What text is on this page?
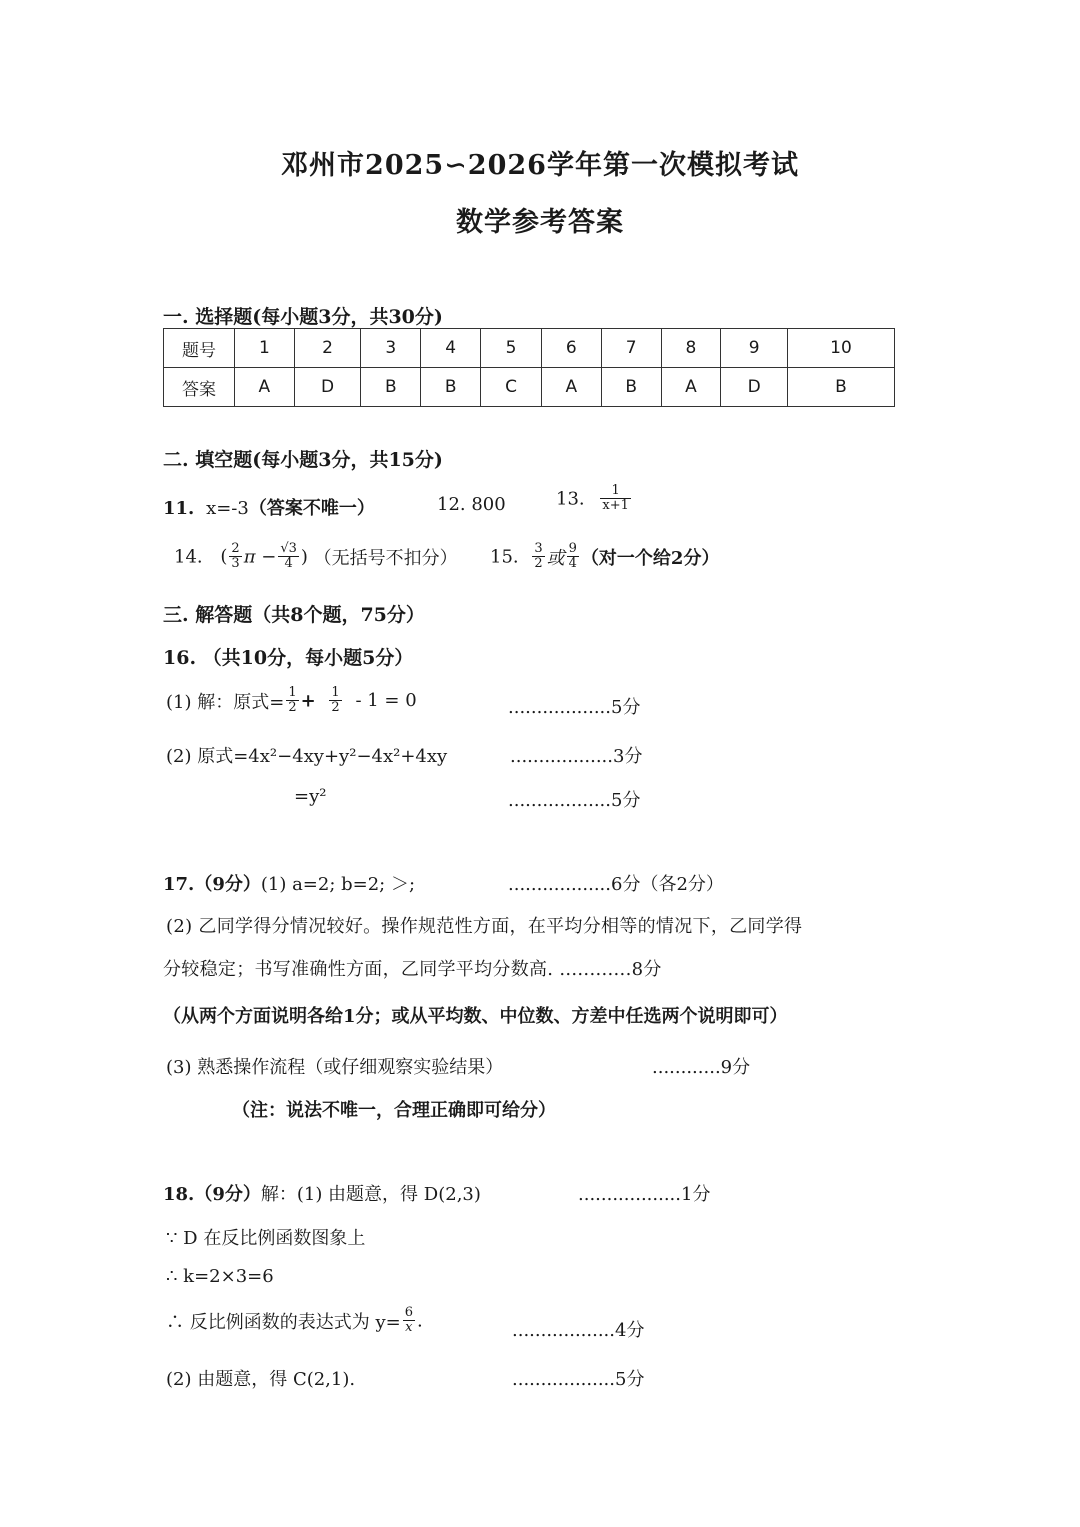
邓州市2025∽2026学年第一次模拟考试
数学参考答案
一. 选择题(每小题3分，共30分)
题号	1	2	3	4	5	6	7	8	9	10
答案	A	D	B	B	C	A	B	A	D	B
二. 填空题(每小题3分，共15分)
11. x=-3（答案不唯一）	12. 800	13. $\frac{1}{x+1}$
14. ( $\frac{2}{3}$ $\pi - \frac{√3}{4}$ ) （无括号不扣分） 15. $\frac{3}{2}$ 或 $\frac{9}{4}$ （对一个给2分）
三. 解答题（共8个题，75分）
16. （共10分，每小题5分）
(1) 解：原式= $\frac{1}{2} + \frac{1}{2} - 1 = 0$	..................5分
(2) 原式=4x²−4xy+y²−4x²+4xy	..................3分
=y²	..................5分
17.（9分）(1) a=2; b=2; ＞;	..................6分（各2分）
(2) 乙同学得分情况较好。操作规范性方面，在平均分相等的情况下，乙同学得
分较稳定；书写准确性方面，乙同学平均分数高. ............8分
（从两个方面说明各给1分；或从平均数、中位数、方差中任选两个说明即可）
(3) 熟悉操作流程（或仔细观察实验结果）	............9分
（注：说法不唯一，合理正确即可给分）
18.（9分）解：(1) 由题意，得 D(2,3)	..................1分
∵ D 在反比例函数图象上
∴ k=2×3=6
∴ 反比例函数的表达式为 $y= \frac{6}{x}$ .	..................4分
(2) 由题意，得 C(2,1).	..................5分
